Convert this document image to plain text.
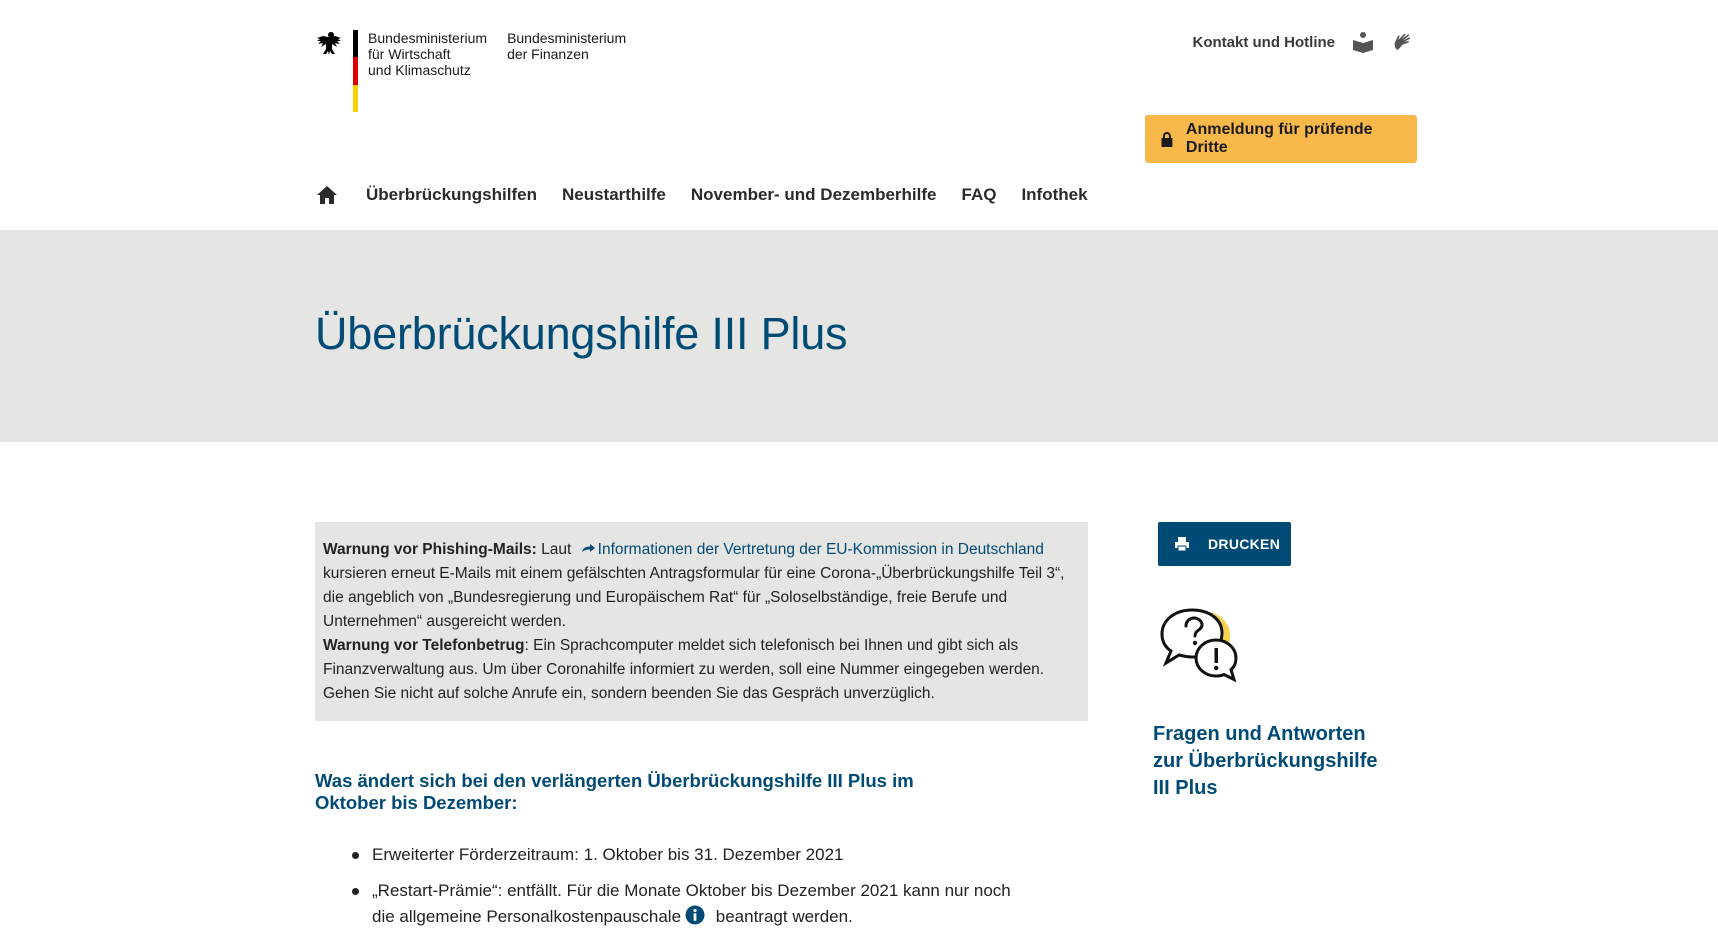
Bundesministerium
für Wirtschaft
und Klimaschutz
Bundesministerium
der Finanzen
Kontakt und Hotline
Anmeldung für prüfende Dritte
Überbrückungshilfen Neustarthilfe November- und Dezemberhilfe FAQ Infothek
Überbrückungshilfe III Plus
Warnung vor Phishing-Mails: Laut Informationen der Vertretung der EU-Kommission in Deutschland kursieren erneut E-Mails mit einem gefälschten Antragsformular für eine Corona-„Überbrückungshilfe Teil 3“, die angeblich von „Bundesregierung und Europäischem Rat“ für „Soloselbständige, freie Berufe und Unternehmen“ ausgereicht werden.
Warnung vor Telefonbetrug: Ein Sprachcomputer meldet sich telefonisch bei Ihnen und gibt sich als Finanzverwaltung aus. Um über Coronahilfe informiert zu werden, soll eine Nummer eingegeben werden. Gehen Sie nicht auf solche Anrufe ein, sondern beenden Sie das Gespräch unverzüglich.
Was ändert sich bei den verlängerten Überbrückungshilfe III Plus im Oktober bis Dezember:
Erweiterter Förderzeitraum: 1. Oktober bis 31. Dezember 2021
„Restart-Prämie“: entfällt. Für die Monate Oktober bis Dezember 2021 kann nur noch die allgemeine Personalkostenpauschale beantragt werden.
DRUCKEN
Fragen und Antworten zur Überbrückungshilfe III Plus
